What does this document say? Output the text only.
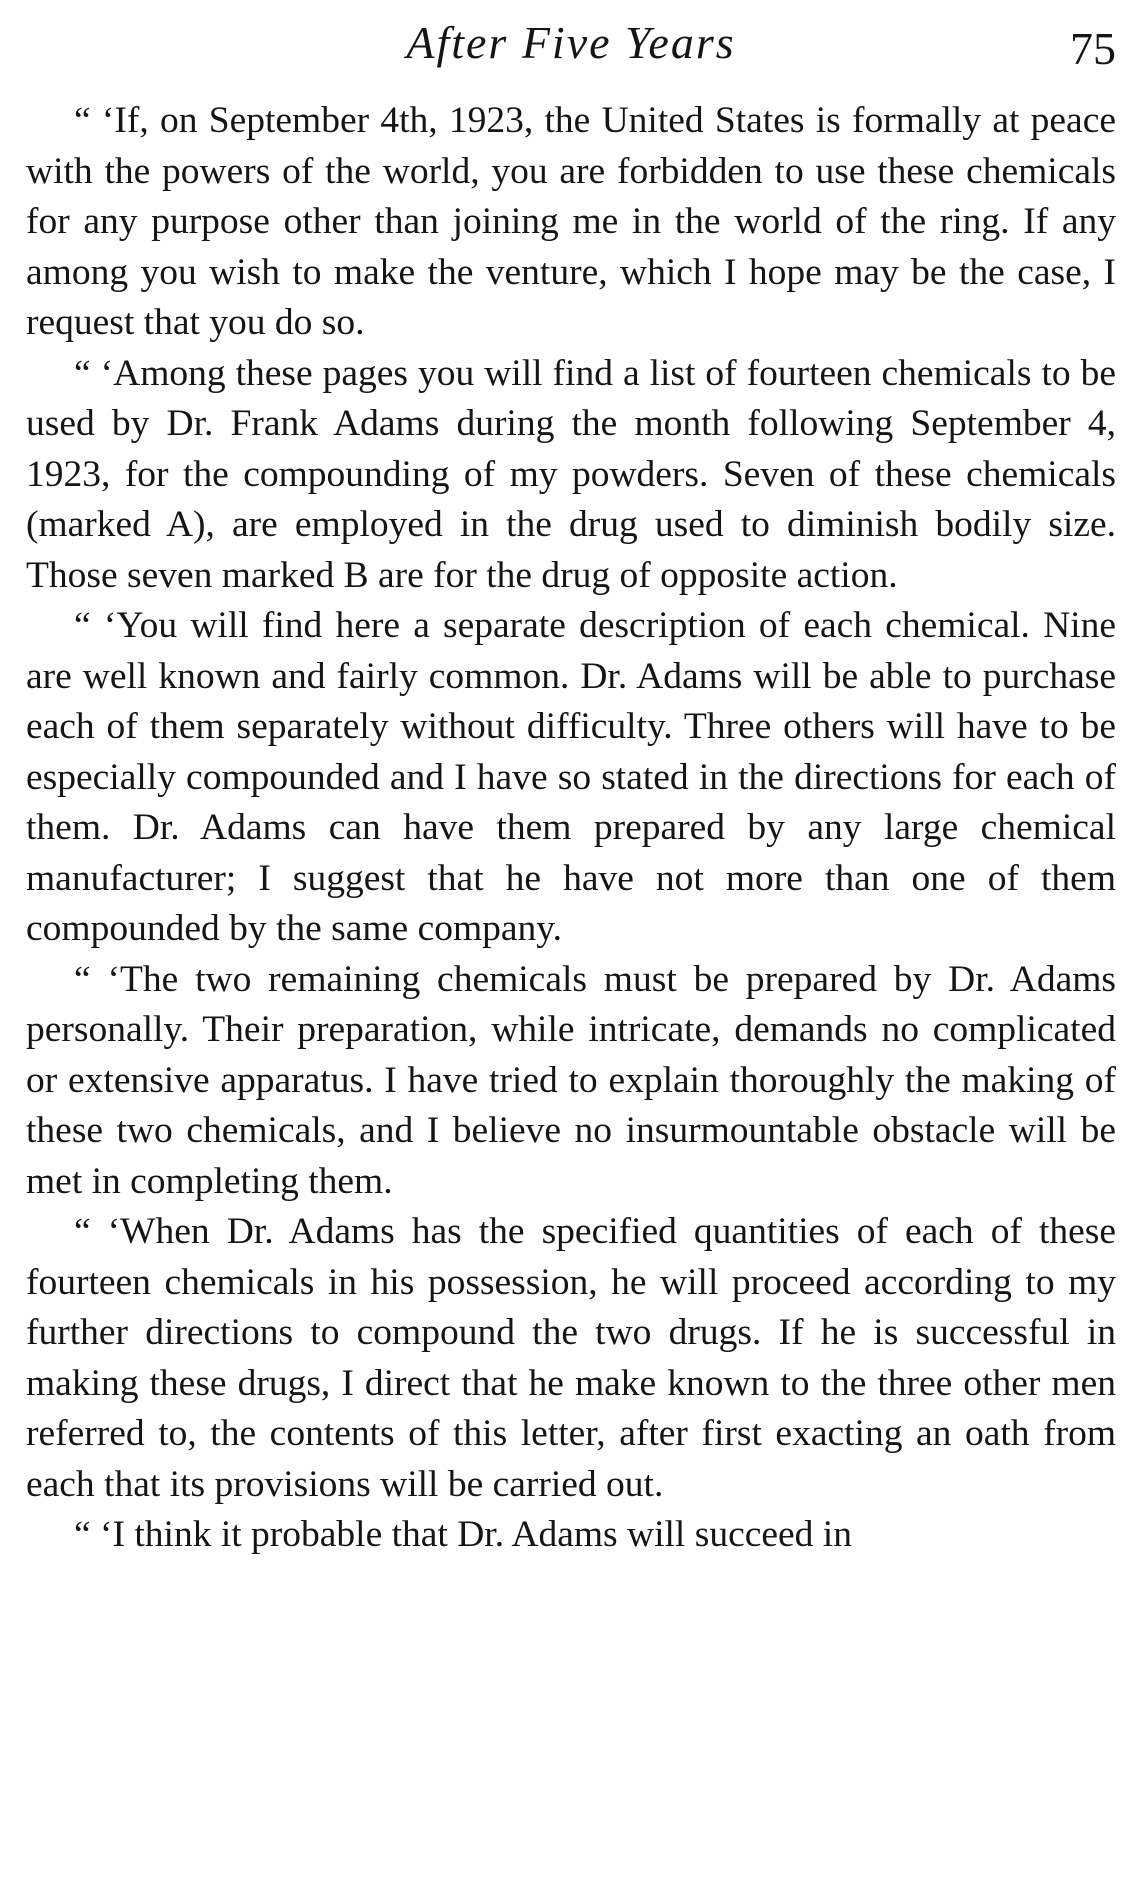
After Five Years	75

“ ‘If, on September 4th, 1923, the United States is formally at peace with the powers of the world, you are forbidden to use these chemicals for any purpose other than joining me in the world of the ring. If any among you wish to make the venture, which I hope may be the case, I request that you do so.

“ ‘Among these pages you will find a list of fourteen chemicals to be used by Dr. Frank Adams during the month following September 4, 1923, for the compounding of my powders. Seven of these chemicals (marked A), are employed in the drug used to diminish bodily size. Those seven marked B are for the drug of opposite action.

“ ‘You will find here a separate description of each chemical. Nine are well known and fairly common. Dr. Adams will be able to purchase each of them separately without difficulty. Three others will have to be especially compounded and I have so stated in the directions for each of them. Dr. Adams can have them prepared by any large chemical manufacturer; I suggest that he have not more than one of them compounded by the same company.

“ ‘The two remaining chemicals must be prepared by Dr. Adams personally. Their preparation, while intricate, demands no complicated or extensive apparatus. I have tried to explain thoroughly the making of these two chemicals, and I believe no insurmountable obstacle will be met in completing them.

“ ‘When Dr. Adams has the specified quantities of each of these fourteen chemicals in his possession, he will proceed according to my further directions to compound the two drugs. If he is successful in making these drugs, I direct that he make known to the three other men referred to, the contents of this letter, after first exacting an oath from each that its provisions will be carried out.

“ ‘I think it probable that Dr. Adams will succeed in
